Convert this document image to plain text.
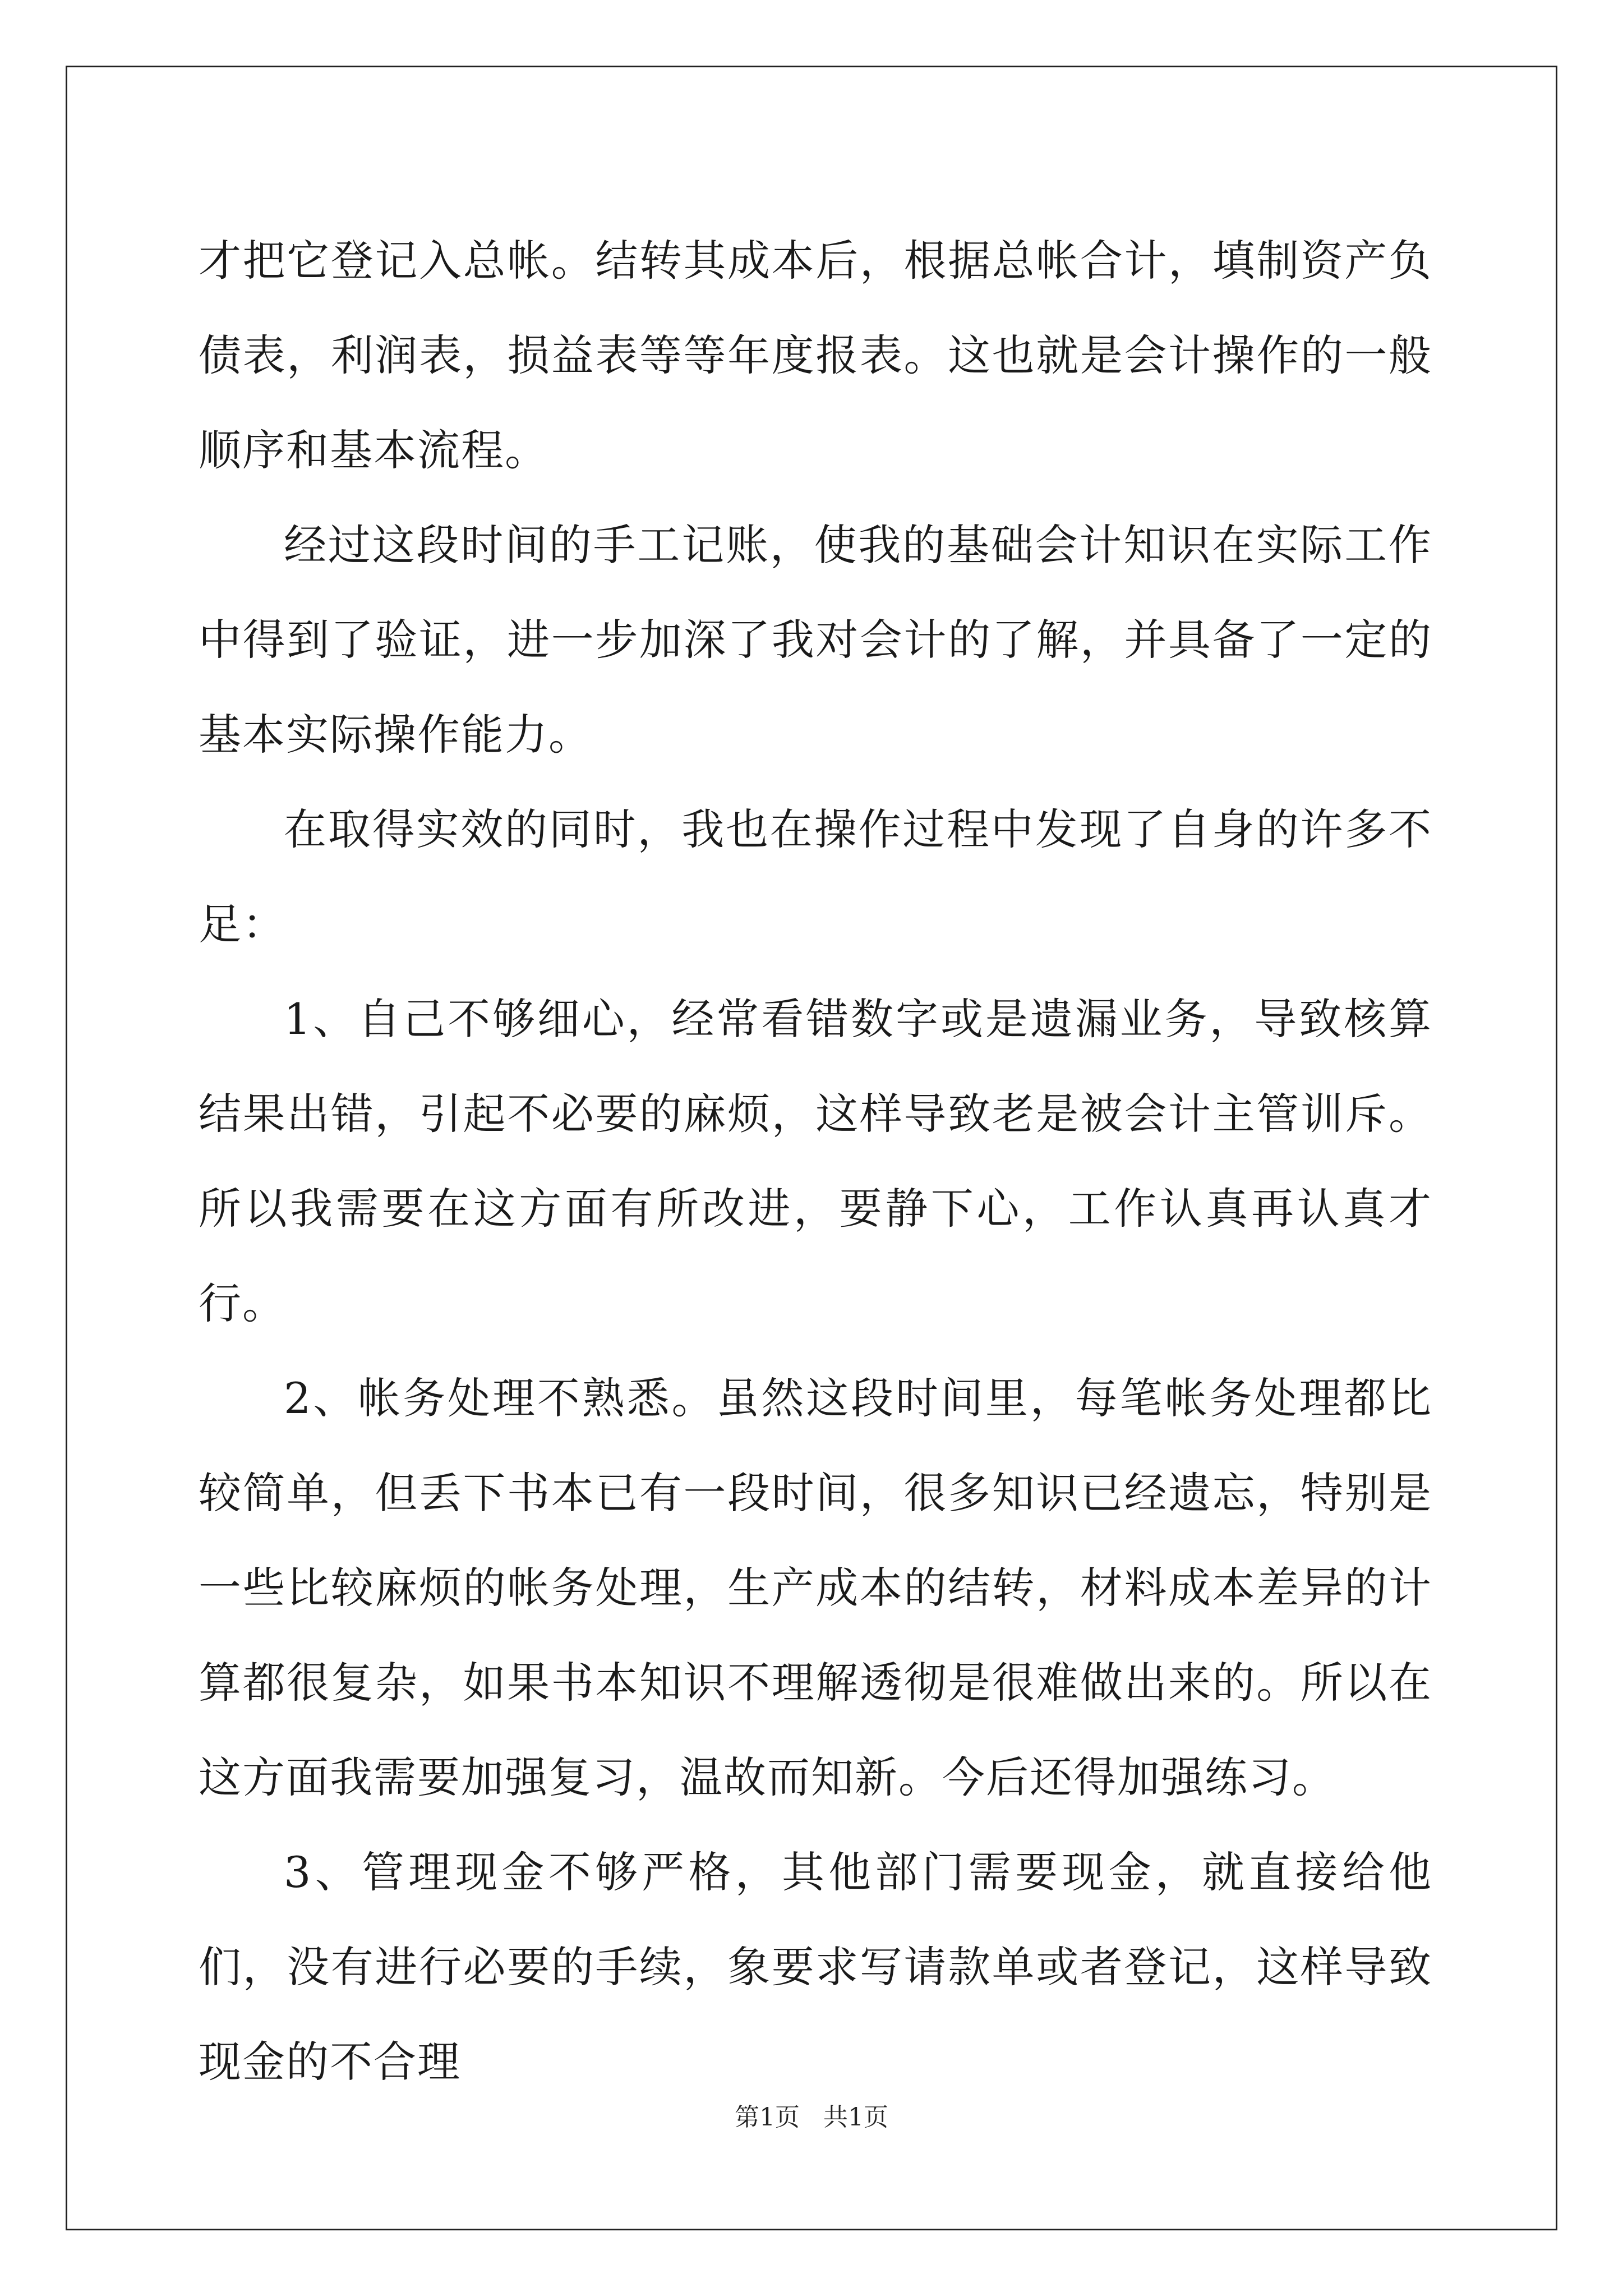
才把它登记入总帐。结转其成本后，根据总帐合计，填制资产负债表，利润表，损益表等等年度报表。这也就是会计操作的一般顺序和基本流程。

经过这段时间的手工记账，使我的基础会计知识在实际工作中得到了验证，进一步加深了我对会计的了解，并具备了一定的基本实际操作能力。

在取得实效的同时，我也在操作过程中发现了自身的许多不足：

1、自己不够细心，经常看错数字或是遗漏业务，导致核算结果出错，引起不必要的麻烦，这样导致老是被会计主管训斥。所以我需要在这方面有所改进，要静下心，工作认真再认真才行。

2、帐务处理不熟悉。虽然这段时间里，每笔帐务处理都比较简单，但丢下书本已有一段时间，很多知识已经遗忘，特别是一些比较麻烦的帐务处理，生产成本的结转，材料成本差异的计算都很复杂，如果书本知识不理解透彻是很难做出来的。所以在这方面我需要加强复习，温故而知新。今后还得加强练习。

3、管理现金不够严格，其他部门需要现金，就直接给他们，没有进行必要的手续，象要求写请款单或者登记，这样导致现金的不合理

第1页 共1页
